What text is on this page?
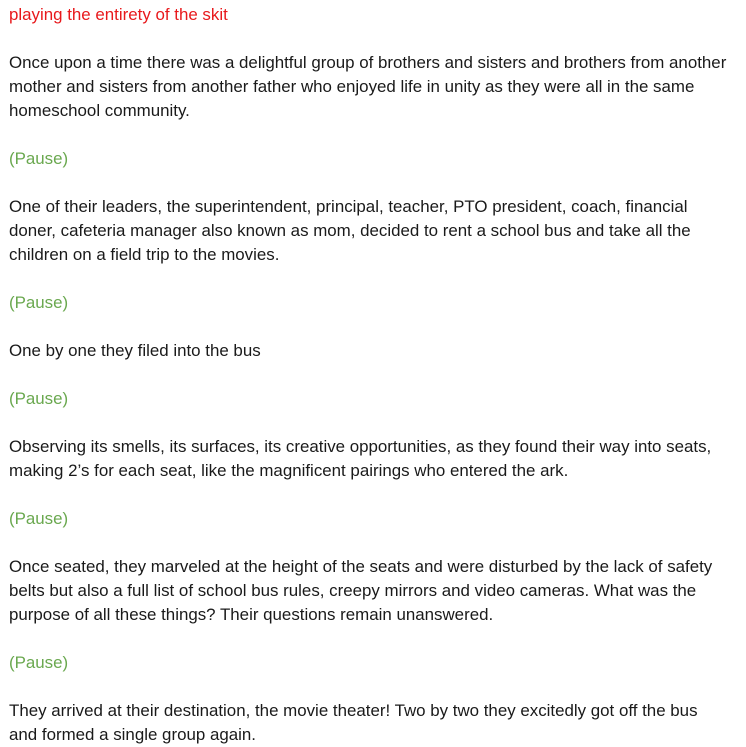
playing the entirety of the skit

Once upon a time there was a delightful group of brothers and sisters and brothers from another mother and sisters from another father who enjoyed life in unity as they were all in the same homeschool community.

(Pause)

One of their leaders, the superintendent, principal, teacher, PTO president, coach, financial doner, cafeteria manager also known as mom, decided to rent a school bus and take all the children on a field trip to the movies.

(Pause)

One by one they filed into the bus

(Pause)

Observing its smells, its surfaces, its creative opportunities, as they found their way into seats, making 2’s for each seat, like the magnificent pairings who entered the ark.

(Pause)

Once seated, they marveled at the height of the seats and were disturbed by the lack of safety belts but also a full list of school bus rules, creepy mirrors and video cameras. What was the purpose of all these things? Their questions remain unanswered.

(Pause)

They arrived at their destination, the movie theater! Two by two they excitedly got off the bus and formed a single group again.
